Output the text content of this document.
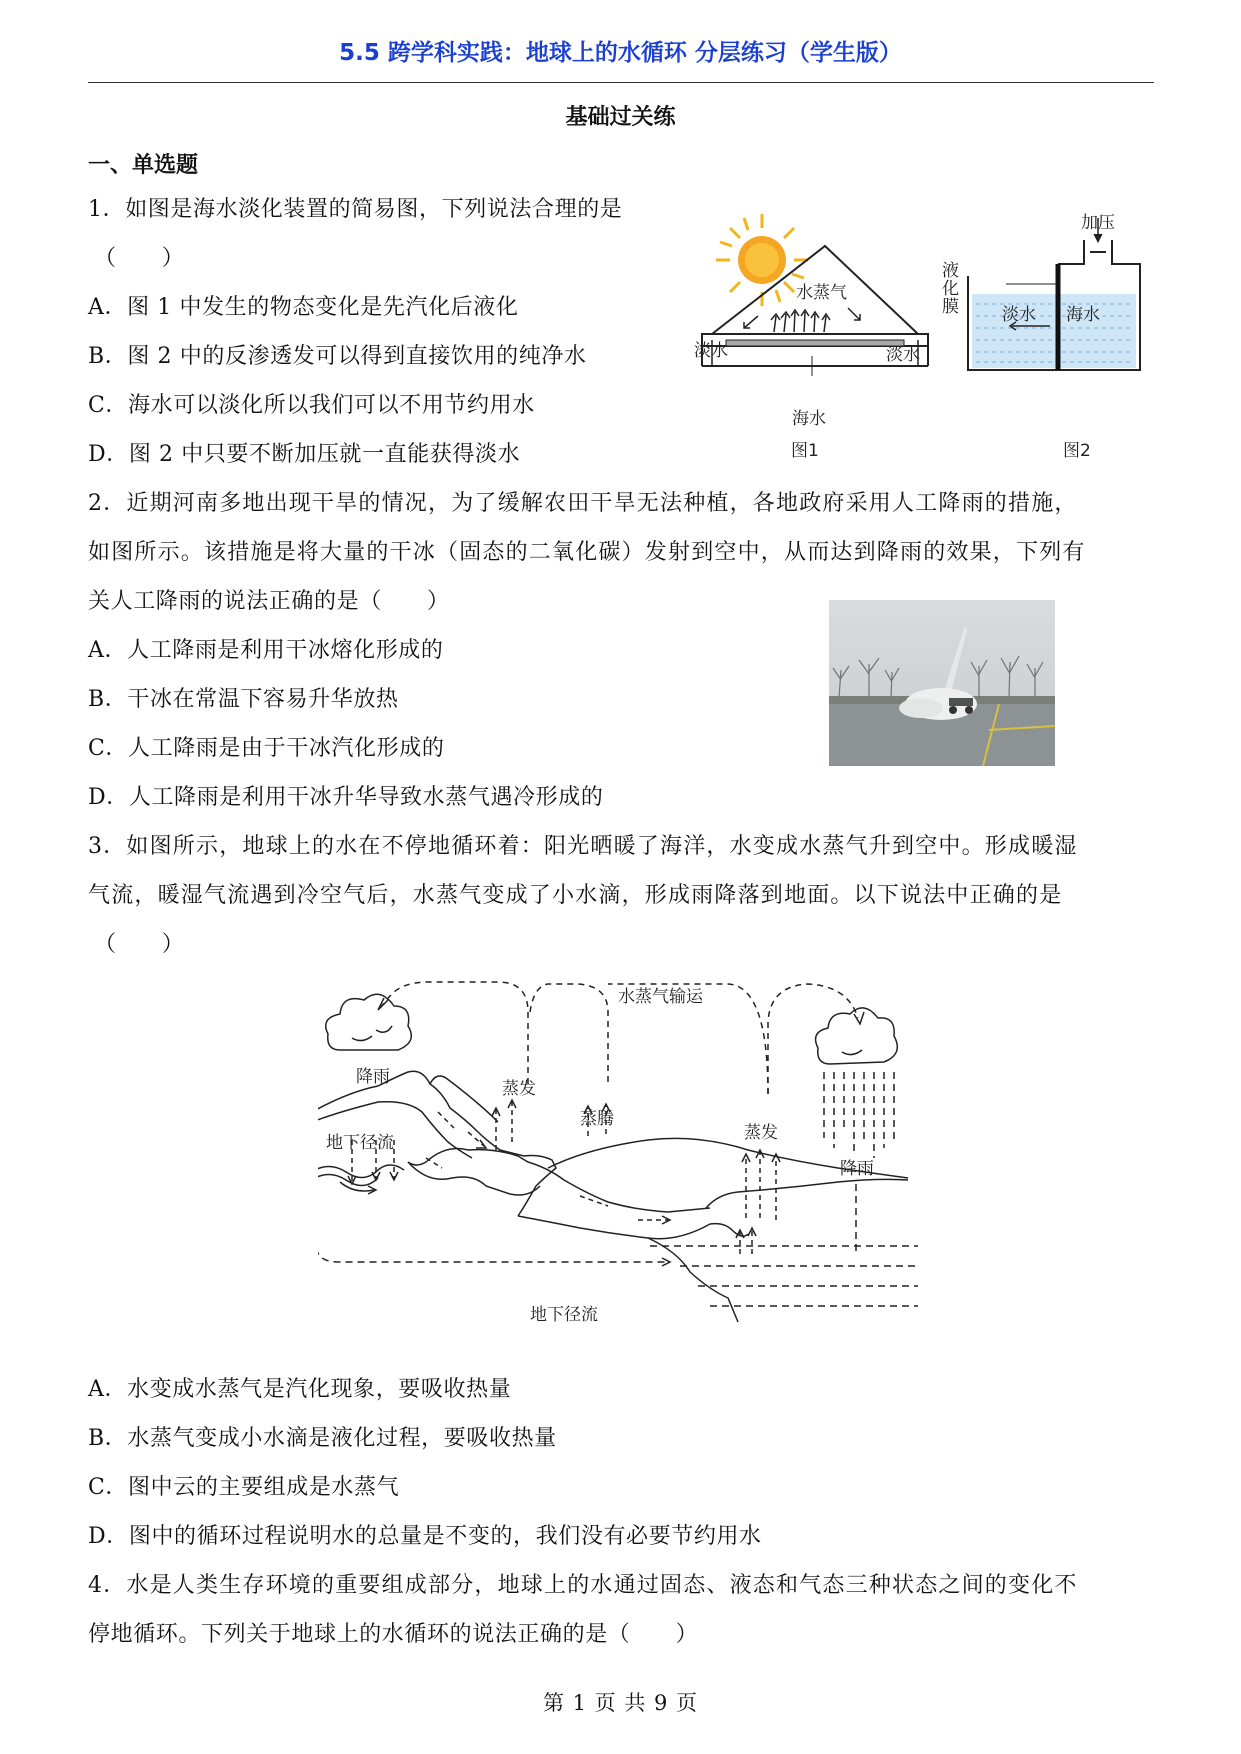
5.5 跨学科实践：地球上的水循环 分层练习（学生版）
基础过关练
一、单选题
1．如图是海水淡化装置的简易图，下列说法合理的是
（　　）
A．图 1 中发生的物态变化是先汽化后液化
B．图 2 中的反渗透发可以得到直接饮用的纯净水
C．海水可以淡化所以我们可以不用节约用水
D．图 2 中只要不断加压就一直能获得淡水
淡水
水蒸气
淡水
海水
图1
加压
液
化
膜	淡水 海水
图2
2．近期河南多地出现干旱的情况，为了缓解农田干旱无法种植，各地政府采用人工降雨的措施，
如图所示。该措施是将大量的干冰（固态的二氧化碳）发射到空中，从而达到降雨的效果，下列有
关人工降雨的说法正确的是（　　）
A．人工降雨是利用干冰熔化形成的
B．干冰在常温下容易升华放热
C．人工降雨是由于干冰汽化形成的
D．人工降雨是利用干冰升华导致水蒸气遇冷形成的
3．如图所示，地球上的水在不停地循环着：阳光晒暖了海洋，水变成水蒸气升到空中。形成暖湿
气流，暖湿气流遇到冷空气后，水蒸气变成了小水滴，形成雨降落到地面。以下说法中正确的是
（　　）
水蒸气输运
降雨
蒸发
蒸腾
蒸发
降雨
地下径流
地下径流
A．水变成水蒸气是汽化现象，要吸收热量
B．水蒸气变成小水滴是液化过程，要吸收热量
C．图中云的主要组成是水蒸气
D．图中的循环过程说明水的总量是不变的，我们没有必要节约用水
4．水是人类生存环境的重要组成部分，地球上的水通过固态、液态和气态三种状态之间的变化不
停地循环。下列关于地球上的水循环的说法正确的是（　　）
第 1 页 共 9 页
